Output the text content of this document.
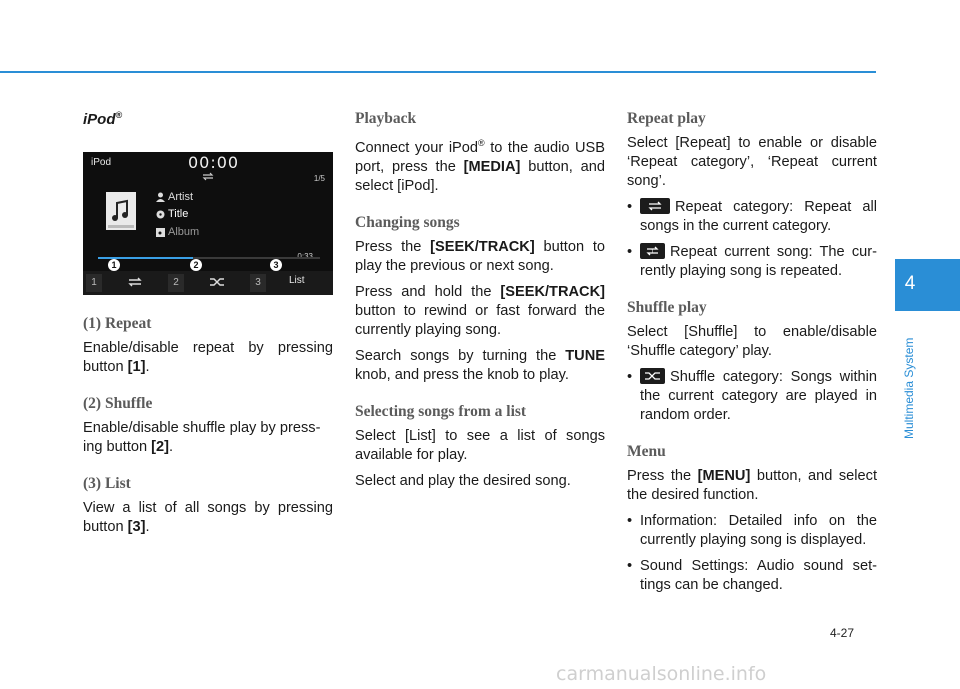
iPod®
iPod	00:00
1/5
Artist
Title
Album
1	2	3
1	2	3	List
(1) Repeat

Enable/disable repeat by pressing button [1].

(2) Shuffle

Enable/disable shuffle play by press-ing button [2].

(3) List

View a list of all songs by pressing button [3].

Playback

Connect your iPod® to the audio USB port, press the [MEDIA] button, and select [iPod].

Changing songs

Press the [SEEK/TRACK] button to play the previous or next song.

Press and hold the [SEEK/TRACK] button to rewind or fast forward the currently playing song.

Search songs by turning the TUNE knob, and press the knob to play.

Selecting songs from a list

Select [List] to see a list of songs available for play.

Select and play the desired song.

Repeat play

Select [Repeat] to enable or disable ‘Repeat category’, ‘Repeat current song’.

• Repeat category: Repeat all songs in the current category.
• 1 Repeat current song: The cur-rently playing song is repeated.
Shuffle play

Select [Shuffle] to enable/disable ‘Shuffle category’ play.

• Shuffle category: Songs within the current category are played in random order.
Menu

Press the [MENU] button, and select the desired function.

• Information: Detailed info on the currently playing song is displayed.
• Sound Settings: Audio sound set-tings can be changed.
4
Multimedia System
4-27
carmanualsonline.info
